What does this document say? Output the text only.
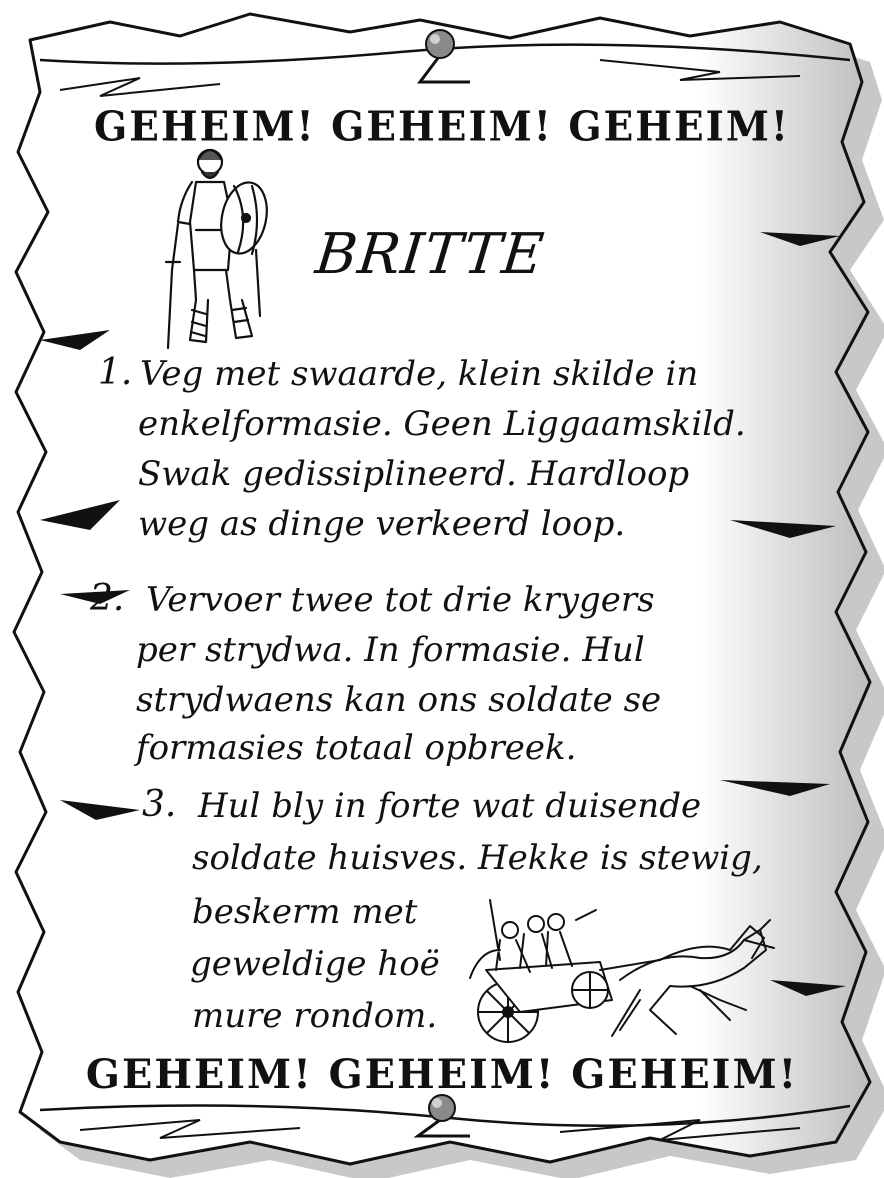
GEHEIM! GEHEIM! GEHEIM!
BRITTE
1. Veg met swaarde, klein skilde in
enkelformasie. Geen Liggaamskild.
Swak gedissiplineerd. Hardloop
weg as dinge verkeerd loop.
2. Vervoer twee tot drie krygers
per strydwa. In formasie. Hul
strydwaens kan ons soldate se
formasies totaal opbreek.
3. Hul bly in forte wat duisende
soldate huisves. Hekke is stewig,
beskerm met
geweldige hoë
mure rondom.
GEHEIM! GEHEIM! GEHEIM!
